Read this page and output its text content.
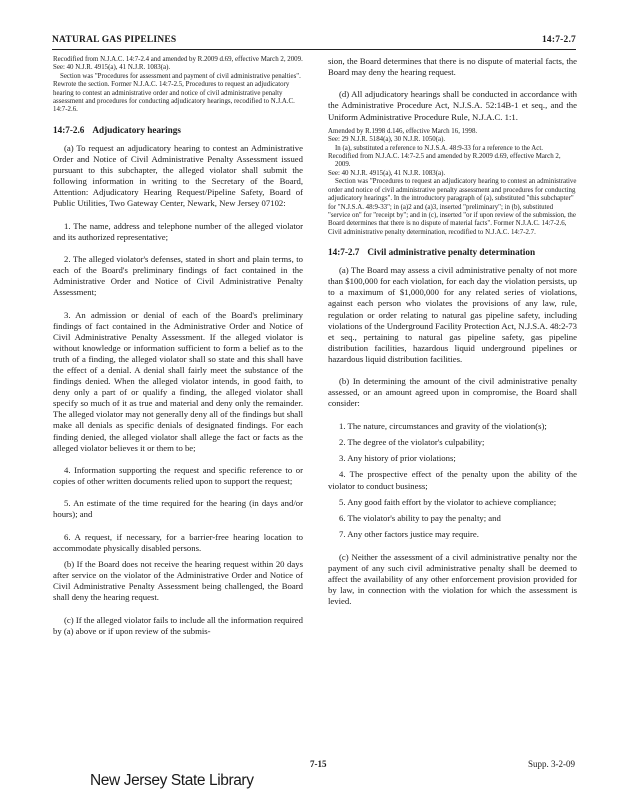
NATURAL GAS PIPELINES	14:7-2.7

Recodified from N.J.A.C. 14:7-2.4 and amended by R.2009 d.69, effective March 2, 2009.

See: 40 N.J.R. 4915(a), 41 N.J.R. 1083(a).

Section was "Procedures for assessment and payment of civil administrative penalties". Rewrote the section. Former N.J.A.C. 14:7-2.5, Procedures to request an adjudicatory hearing to contest an administrative order and notice of civil administrative penalty assessment and procedures for conducting adjudicatory hearings, recodified to N.J.A.C. 14:7-2.6.

14:7-2.6 Adjudicatory hearings

(a) To request an adjudicatory hearing to contest an Administrative Order and Notice of Civil Administrative Penalty Assessment issued pursuant to this subchapter, the alleged violator shall submit the following information in writing to the Secretary of the Board, Attention: Adjudicatory Hearing Request/Pipeline Safety, Board of Public Utilities, Two Gateway Center, Newark, New Jersey 07102:

1. The name, address and telephone number of the alleged violator and its authorized representative;

2. The alleged violator's defenses, stated in short and plain terms, to each of the Board's preliminary findings of fact contained in the Administrative Order and Notice of Civil Administrative Penalty Assessment;

3. An admission or denial of each of the Board's preliminary findings of fact contained in the Administrative Order and Notice of Civil Administrative Penalty Assessment. If the alleged violator is without knowledge or information sufficient to form a belief as to the truth of a finding, the alleged violator shall so state and this shall have the effect of a denial. A denial shall fairly meet the substance of the findings denied. When the alleged violator intends, in good faith, to deny only a part of or qualify a finding, the alleged violator shall specify so much of it as true and material and deny only the remainder. The alleged violator may not generally deny all of the findings but shall make all denials as specific denials of designated findings. For each finding denied, the alleged violator shall allege the fact or facts as the alleged violator believes it or them to be;

4. Information supporting the request and specific reference to or copies of other written documents relied upon to support the request;

5. An estimate of the time required for the hearing (in days and/or hours); and

6. A request, if necessary, for a barrier-free hearing location to accommodate physically disabled persons.

(b) If the Board does not receive the hearing request within 20 days after service on the violator of the Administrative Order and Notice of Civil Administrative Penalty Assessment being challenged, the Board shall deny the hearing request.

(c) If the alleged violator fails to include all the information required by (a) above or if upon review of the submis-

sion, the Board determines that there is no dispute of material facts, the Board may deny the hearing request.

(d) All adjudicatory hearings shall be conducted in accordance with the Administrative Procedure Act, N.J.S.A. 52:14B-1 et seq., and the Uniform Administrative Procedure Rule, N.J.A.C. 1:1.

Amended by R.1998 d.146, effective March 16, 1998.

See: 29 N.J.R. 5184(a), 30 N.J.R. 1050(a).

In (a), substituted a reference to N.J.S.A. 48:9-33 for a reference to the Act.

Recodified from N.J.A.C. 14:7-2.5 and amended by R.2009 d.69, effective March 2, 2009.

See: 40 N.J.R. 4915(a), 41 N.J.R. 1083(a).

Section was "Procedures to request an adjudicatory hearing to contest an administrative order and notice of civil administrative penalty assessment and procedures for conducting adjudicatory hearings". In the introductory paragraph of (a), substituted "this subchapter" for "N.J.S.A. 48:9-33"; in (a)2 and (a)3, inserted "preliminary"; in (b), substituted "service on" for "receipt by"; and in (c), inserted "or if upon review of the submission, the Board determines that there is no dispute of material facts". Former N.J.A.C. 14:7-2.6, Civil administrative penalty determination, recodified to N.J.A.C. 14:7-2.7.

14:7-2.7 Civil administrative penalty determination

(a) The Board may assess a civil administrative penalty of not more than $100,000 for each violation, for each day the violation persists, up to a maximum of $1,000,000 for any related series of violations, against each person who violates the provisions of any law, rule, regulation or order relating to natural gas pipeline safety, including violations of the Underground Facility Protection Act, N.J.S.A. 48:2-73 et seq., pertaining to natural gas pipeline safety, gas pipeline distribution facilities, hazardous liquid underground pipelines or hazardous liquid distribution facilities.

(b) In determining the amount of the civil administrative penalty assessed, or an amount agreed upon in compromise, the Board shall consider:

1. The nature, circumstances and gravity of the violation(s);

2. The degree of the violator's culpability;

3. Any history of prior violations;

4. The prospective effect of the penalty upon the ability of the violator to conduct business;

5. Any good faith effort by the violator to achieve compliance;

6. The violator's ability to pay the penalty; and

7. Any other factors justice may require.

(c) Neither the assessment of a civil administrative penalty nor the payment of any such civil administrative penalty shall be deemed to affect the availability of any other enforcement provision provided for by law, in connection with the violation for which the assessment is levied.

7-15	Supp. 3-2-09
New Jersey State Library
